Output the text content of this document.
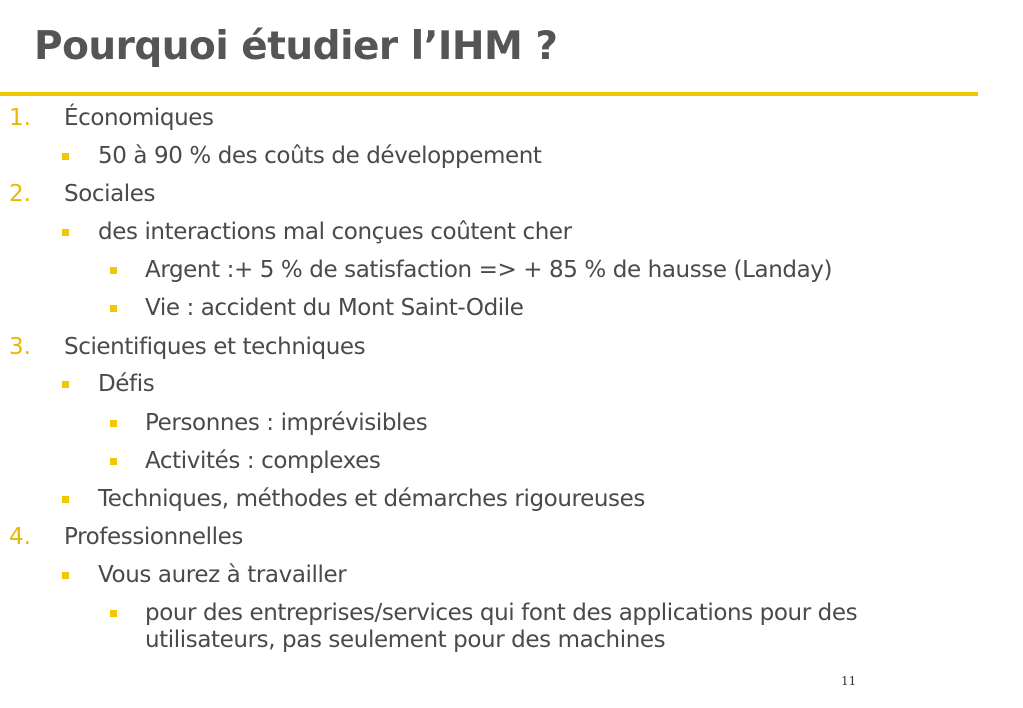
Pourquoi étudier l’IHM ?
1. Économiques
50 à 90 % des coûts de développement
2. Sociales
des interactions mal conçues coûtent cher
Argent :+ 5 % de satisfaction => + 85 % de hausse (Landay)
Vie : accident du Mont Saint-Odile
3. Scientifiques et techniques
Défis
Personnes : imprévisibles
Activités : complexes
Techniques, méthodes et démarches rigoureuses
4. Professionnelles
Vous aurez à travailler
pour des entreprises/services qui font des applications pour des utilisateurs, pas seulement pour des machines
11
